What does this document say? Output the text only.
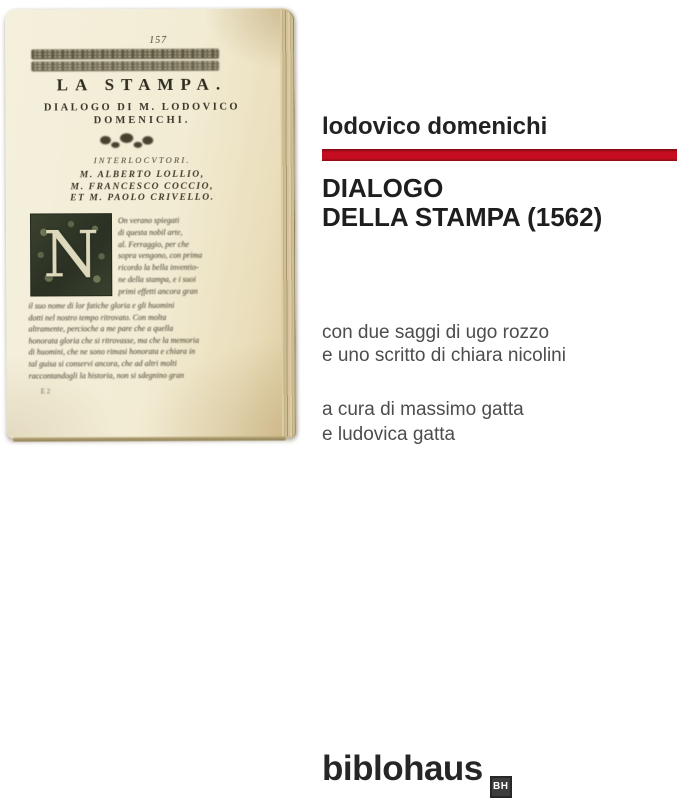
157
LA STAMPA.
DIALOGO DI M. LODOVICO
DOMENICHI.
INTERLOCVTORI.
M. ALBERTO LOLLIO,
M. FRANCESCO COCCIO,
ET M. PAOLO CRIVELLO.
N	On verano spiegati
di questa nobil arte,
al. Ferraggio, per che
sopra vengono, con prima
ricordo la bella inventio-
ne della stampa, e i suoi
primi effetti ancora gran
il suo nome di lor fatiche gloria e gli huomini
dotti nel nostro tempo ritrovato. Con molta
altramente, percioche a me pare che a quella
honorata gloria che si ritrovasse, ma che la memoria
di huomini, che ne sono rimasi honorata e chiara in
tal guisa si conservi ancora, che ad altri molti
raccontandogli la historia, non si sdegnino gran
E 2
lodovico domenichi
DIALOGO
DELLA STAMPA (1562)
con due saggi di ugo rozzo
e uno scritto di chiara nicolini
a cura di massimo gatta
e ludovica gatta
biblohaus BH
